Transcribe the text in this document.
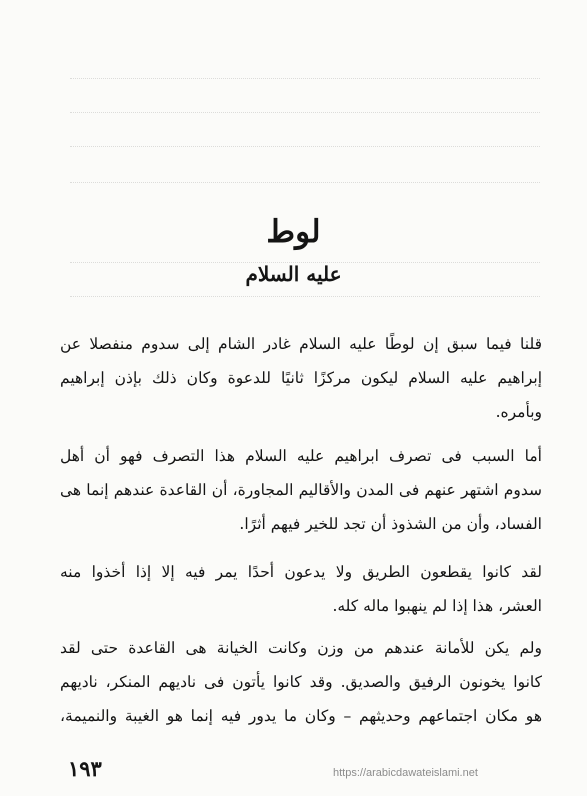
لوط
عليه السلام
قلنا فيما سبق إن لوطًا عليه السلام غادر الشام إلى سدوم منفصلا عن
إبراهيم عليه السلام ليكون مركزًا ثانيًا للدعوة وكان ذلك بإذن إبراهيم
وبأمره.
أما السبب فى تصرف ابراهيم عليه السلام هذا التصرف فهو أن أهل
سدوم اشتهر عنهم فى المدن والأقاليم المجاورة، أن القاعدة عندهم إنما هى
الفساد، وأن من الشذوذ أن تجد للخير فيهم أثرًا.
لقد كانوا يقطعون الطريق ولا يدعون أحدًا يمر فيه إلا إذا أخذوا منه
العشر، هذا إذا لم ينهبوا ماله كله.
ولم يكن للأمانة عندهم من وزن وكانت الخيانة هى القاعدة حتى لقد
كانوا يخونون الرفيق والصديق. وقد كانوا يأتون فى ناديهم المنكر، ناديهم
هو مكان اجتماعهم وحديثهم – وكان ما يدور فيه إنما هو الغيبة والنميمة،
١٩٣	https://arabicdawateislami.net
